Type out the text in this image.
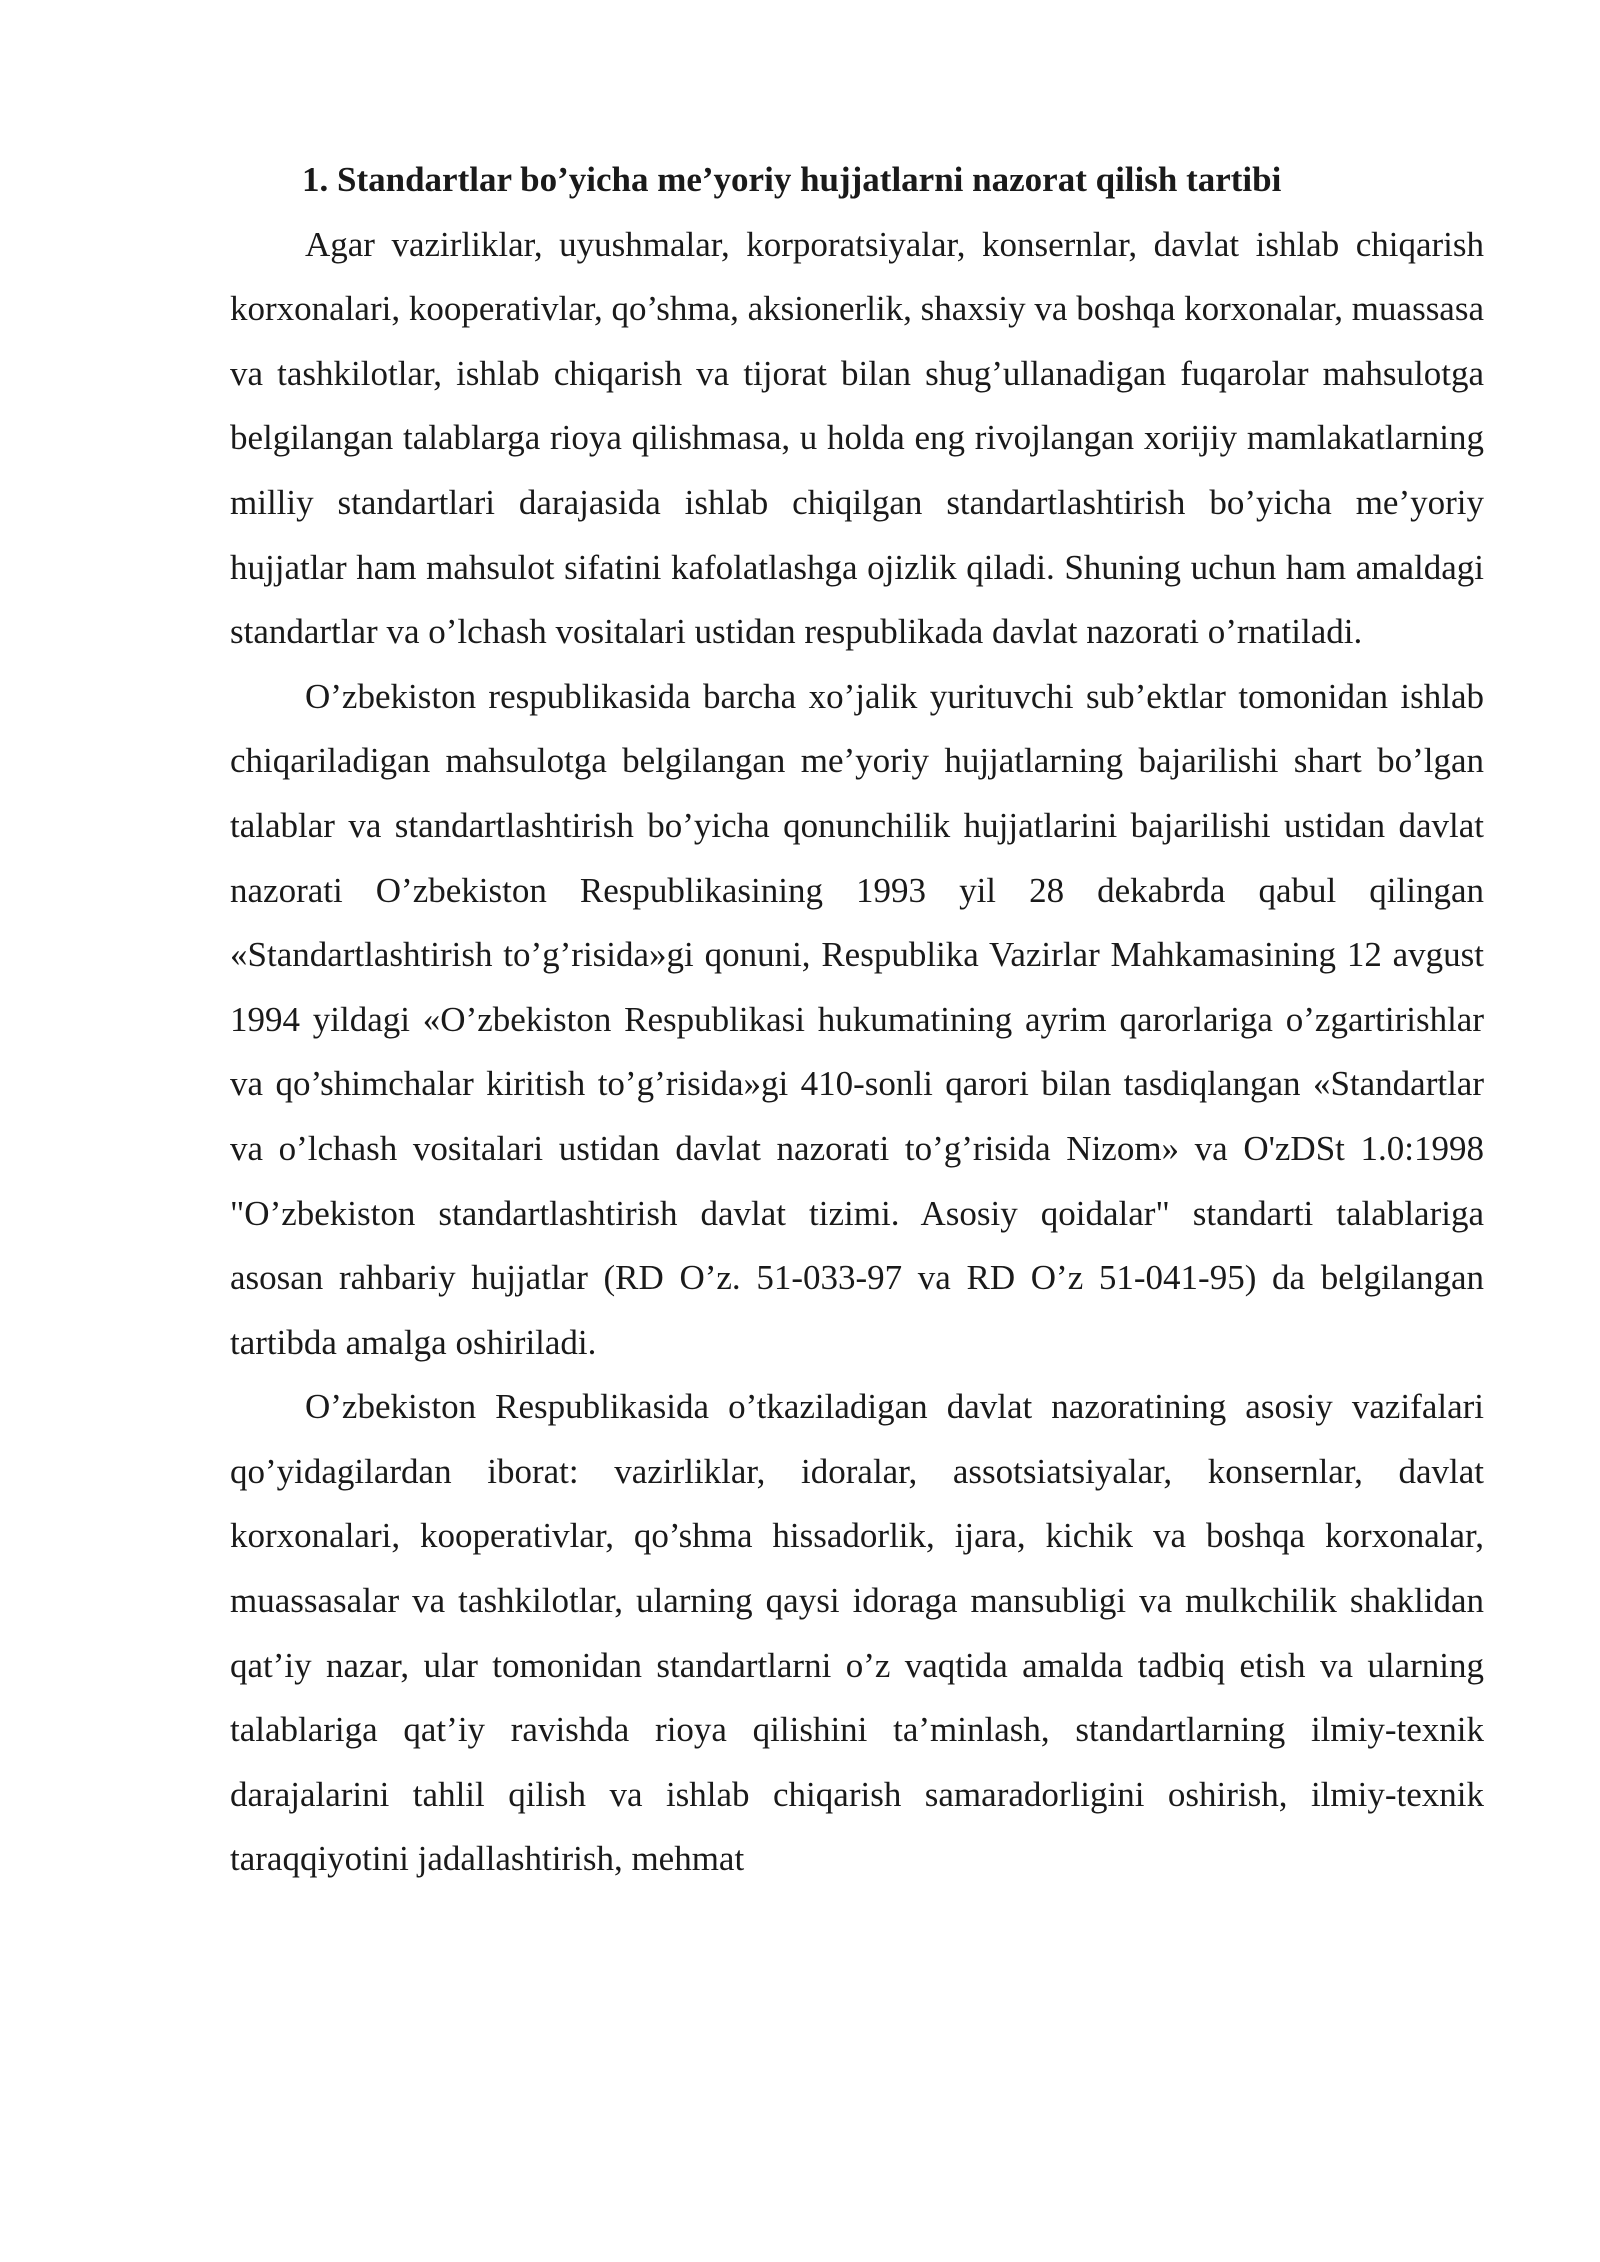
1. Standartlar bo’yicha me’yoriy hujjatlarni nazorat qilish tartibi

Agar vazirliklar, uyushmalar, korporatsiyalar, konsernlar, davlat ishlab chiqarish korxonalari, kooperativlar, qo’shma, aksionerlik, shaxsiy va boshqa korxonalar, muassasa va tashkilotlar, ishlab chiqarish va tijorat bilan shug’ullanadigan fuqarolar mahsulotga belgilangan talablarga rioya qilishmasa, u holda eng rivojlangan xorijiy mamlakatlarning milliy standartlari darajasida ishlab chiqilgan standartlashtirish bo’yicha me’yoriy hujjatlar ham mahsulot sifatini kafolatlashga ojizlik qiladi. Shuning uchun ham amaldagi standartlar va o’lchash vositalari ustidan respublikada davlat nazorati o’rnatiladi.

O’zbekiston respublikasida barcha xo’jalik yurituvchi sub’ektlar tomonidan ishlab chiqariladigan mahsulotga belgilangan me’yoriy hujjatlarning bajarilishi shart bo’lgan talablar va standartlashtirish bo’yicha qonunchilik hujjatlarini bajarilishi ustidan davlat nazorati O’zbekiston Respublikasining 1993 yil 28 dekabrda qabul qilingan «Standartlashtirish to’g’risida»gi qonuni, Respublika Vazirlar Mahkamasining 12 avgust 1994 yildagi «O’zbekiston Respublikasi hukumatining ayrim qarorlariga o’zgartirishlar va qo’shimchalar kiritish to’g’risida»gi 410-sonli qarori bilan tasdiqlangan «Standartlar va o’lchash vositalari ustidan davlat nazorati to’g’risida Nizom» va O'zDSt 1.0:1998 "O’zbekiston standartlashtirish davlat tizimi. Asosiy qoidalar" standarti talablariga asosan rahbariy hujjatlar (RD O’z. 51-033-97 va RD O’z 51-041-95) da belgilangan tartibda amalga oshiriladi.

O’zbekiston Respublikasida o’tkaziladigan davlat nazoratining asosiy vazifalari qo’yidagilardan iborat: vazirliklar, idoralar, assotsiatsiyalar, konsernlar, davlat korxonalari, kooperativlar, qo’shma hissadorlik, ijara, kichik va boshqa korxonalar, muassasalar va tashkilotlar, ularning qaysi idoraga mansubligi va mulkchilik shaklidan qat’iy nazar, ular tomonidan standartlarni o’z vaqtida amalda tadbiq etish va ularning talablariga qat’iy ravishda rioya qilishini ta’minlash, standartlarning ilmiy-texnik darajalarini tahlil qilish va ishlab chiqarish samaradorligini oshirish, ilmiy-texnik taraqqiyotini jadallashtirish, mehmat
